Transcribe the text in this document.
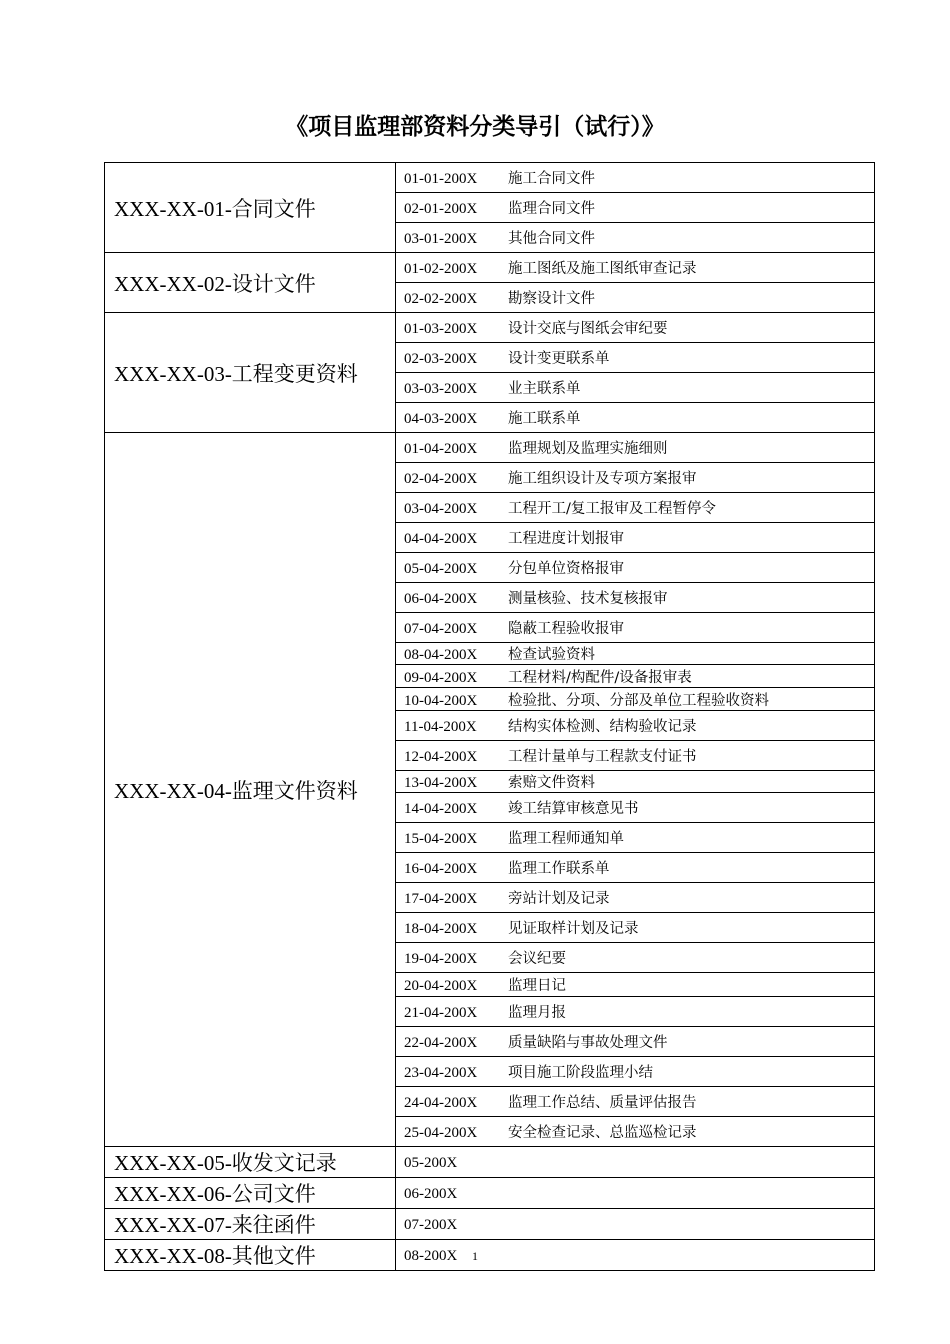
《项目监理部资料分类导引（试行）》
XXX-XX-01-合同文件	01-01-200X 施工合同文件
	02-01-200X 监理合同文件
	03-01-200X 其他合同文件
XXX-XX-02-设计文件	01-02-200X 施工图纸及施工图纸审查记录
	02-02-200X 勘察设计文件
XXX-XX-03-工程变更资料	01-03-200X 设计交底与图纸会审纪要
	02-03-200X 设计变更联系单
	03-03-200X 业主联系单
	04-03-200X 施工联系单
XXX-XX-04-监理文件资料	01-04-200X 监理规划及监理实施细则
	02-04-200X 施工组织设计及专项方案报审
	03-04-200X 工程开工/复工报审及工程暂停令
	04-04-200X 工程进度计划报审
	05-04-200X 分包单位资格报审
	06-04-200X 测量核验、技术复核报审
	07-04-200X 隐蔽工程验收报审
	08-04-200X 检查试验资料
	09-04-200X 工程材料/构配件/设备报审表
	10-04-200X 检验批、分项、分部及单位工程验收资料
	11-04-200X 结构实体检测、结构验收记录
	12-04-200X 工程计量单与工程款支付证书
	13-04-200X 索赔文件资料
	14-04-200X 竣工结算审核意见书
	15-04-200X 监理工程师通知单
	16-04-200X 监理工作联系单
	17-04-200X 旁站计划及记录
	18-04-200X 见证取样计划及记录
	19-04-200X 会议纪要
	20-04-200X 监理日记
	21-04-200X 监理月报
	22-04-200X 质量缺陷与事故处理文件
	23-04-200X 项目施工阶段监理小结
	24-04-200X 监理工作总结、质量评估报告
	25-04-200X 安全检查记录、总监巡检记录
XXX-XX-05-收发文记录	05-200X
XXX-XX-06-公司文件	06-200X
XXX-XX-07-来往函件	07-200X
XXX-XX-08-其他文件	08-200X	1
